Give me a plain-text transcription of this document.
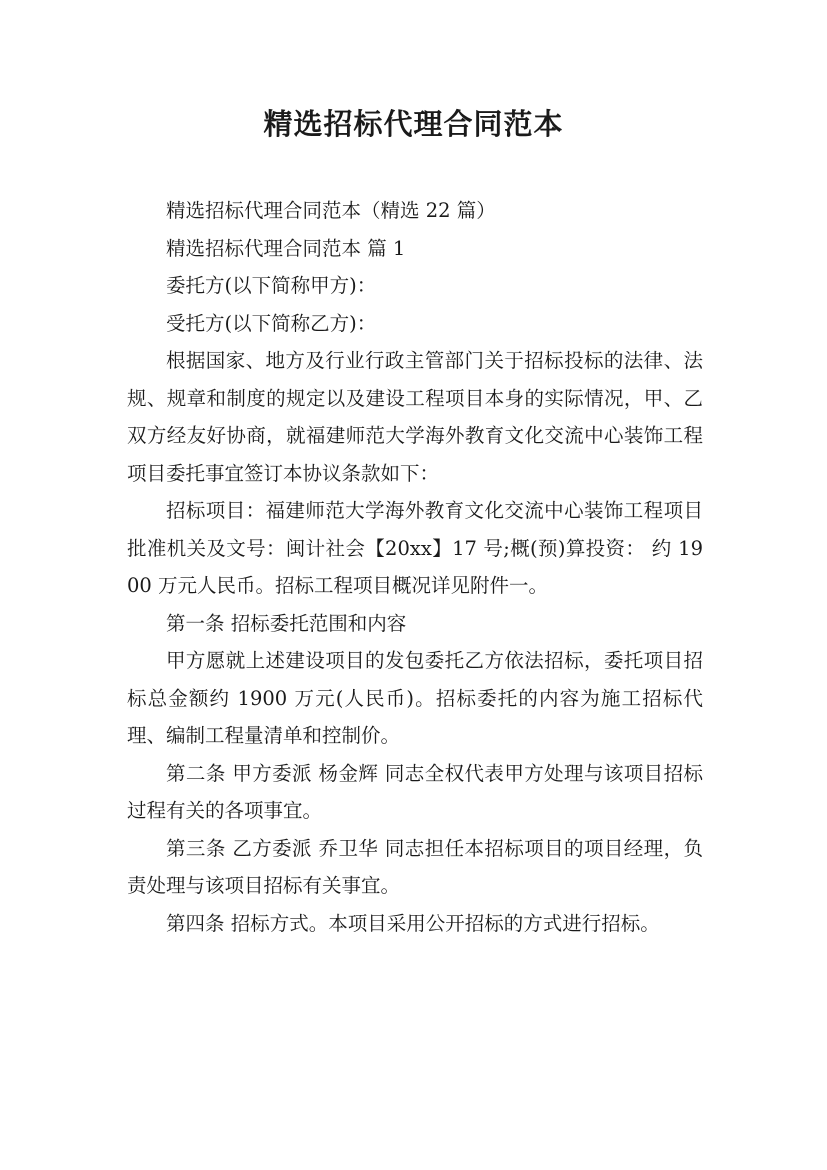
精选招标代理合同范本

精选招标代理合同范本（精选 22 篇）

精选招标代理合同范本 篇 1

委托方(以下简称甲方)：

受托方(以下简称乙方)：

根据国家、地方及行业行政主管部门关于招标投标的法律、法规、规章和制度的规定以及建设工程项目本身的实际情况，甲、乙双方经友好协商，就福建师范大学海外教育文化交流中心装饰工程项目委托事宜签订本协议条款如下：

招标项目：福建师范大学海外教育文化交流中心装饰工程项目批准机关及文号：闽计社会【20xx】17 号;概(预)算投资： 约 1900 万元人民币。招标工程项目概况详见附件一。

第一条 招标委托范围和内容

甲方愿就上述建设项目的发包委托乙方依法招标，委托项目招标总金额约 1900 万元(人民币)。招标委托的内容为施工招标代理、编制工程量清单和控制价。

第二条 甲方委派 杨金辉 同志全权代表甲方处理与该项目招标过程有关的各项事宜。

第三条 乙方委派 乔卫华 同志担任本招标项目的项目经理，负责处理与该项目招标有关事宜。

第四条 招标方式。本项目采用公开招标的方式进行招标。
